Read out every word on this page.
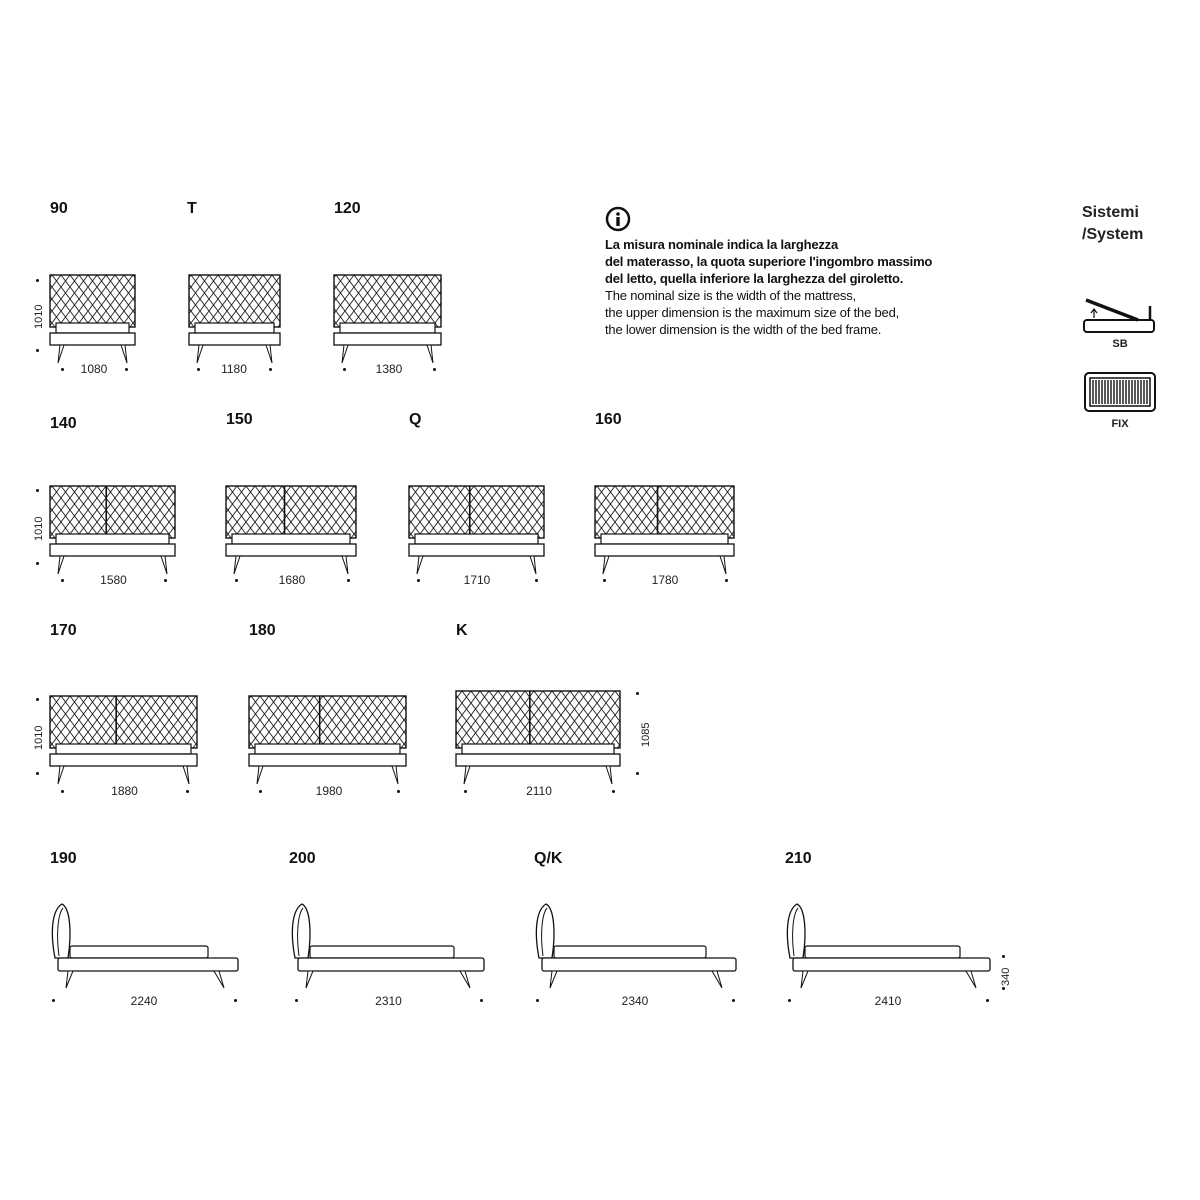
La misura nominale indica la larghezza
del materasso, la quota superiore l'ingombro massimo
del letto, quella inferiore la larghezza del giroletto.
The nominal size is the width of the mattress,
the upper dimension is the maximum size of the bed,
the lower dimension is the width of the bed frame.
Sistemi
/System
SB
FIX
90
1080
1010
T
1180
120
1380
140
1580
1010
150
1680
Q
1710
160
1780
170
1880
1010
180
1980
K
2110
1085
190
2240
200
2310
Q/K
2340
210
2410
340
